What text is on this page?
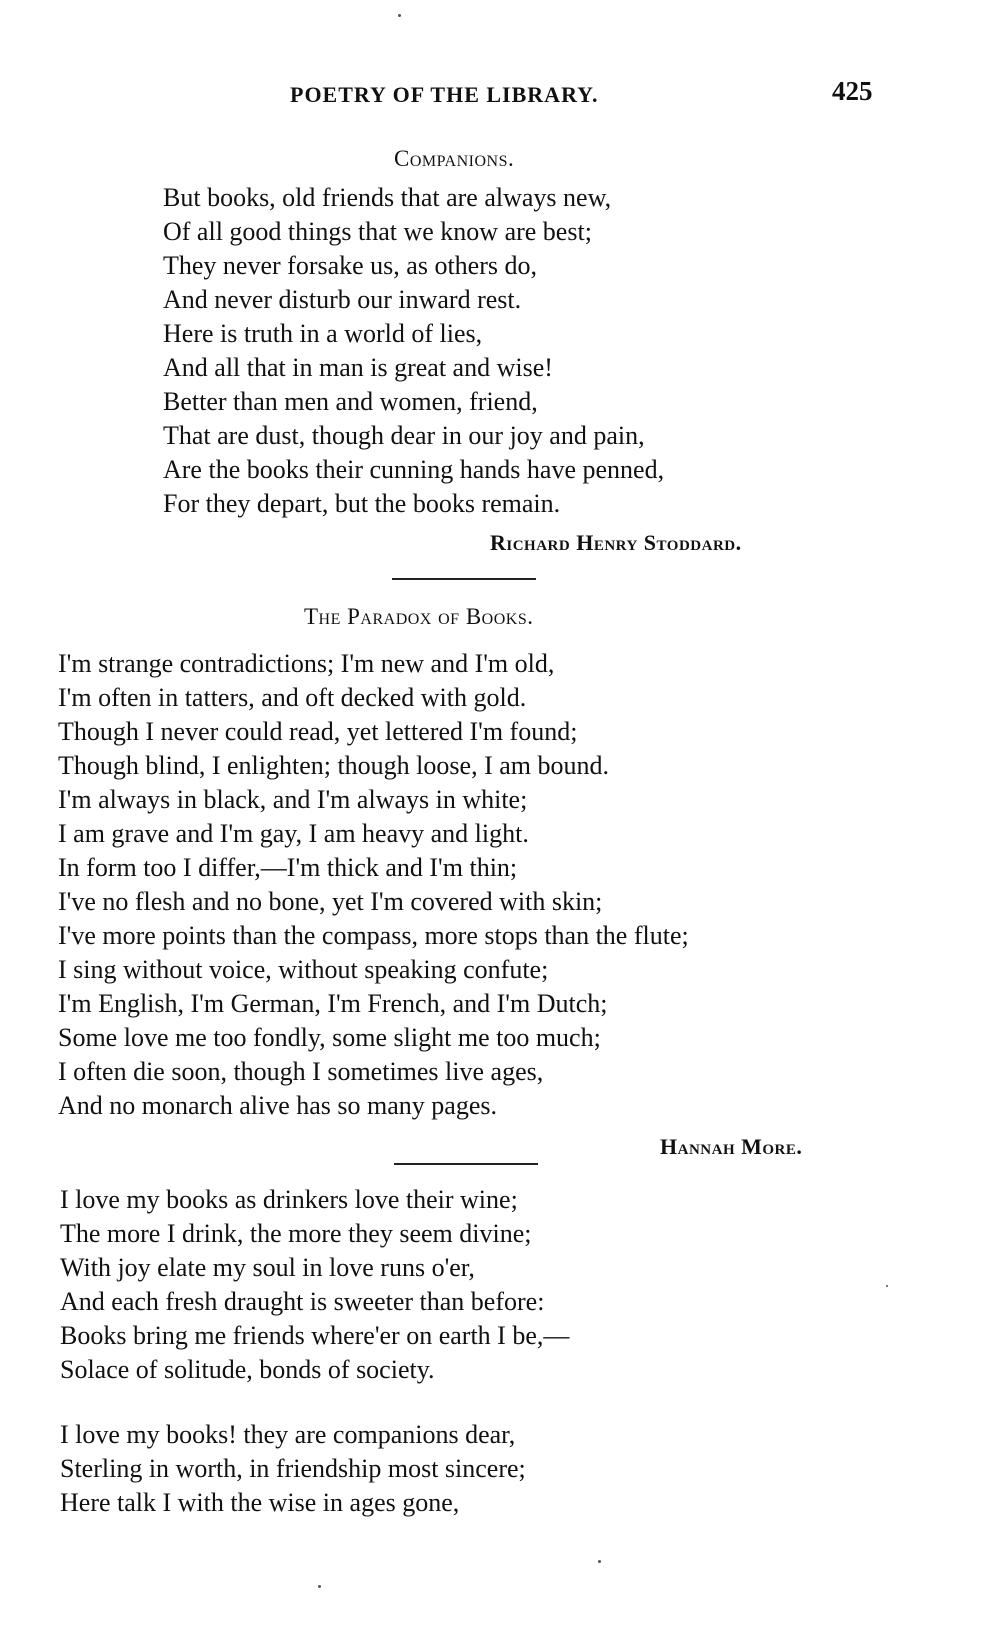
POETRY OF THE LIBRARY.	425
Companions.
But books, old friends that are always new,
Of all good things that we know are best;
They never forsake us, as others do,
And never disturb our inward rest.
Here is truth in a world of lies,
And all that in man is great and wise!
Better than men and women, friend,
That are dust, though dear in our joy and pain,
Are the books their cunning hands have penned,
For they depart, but the books remain.
Richard Henry Stoddard.
The Paradox of Books.
I'm strange contradictions; I'm new and I'm old,
I'm often in tatters, and oft decked with gold.
Though I never could read, yet lettered I'm found;
Though blind, I enlighten; though loose, I am bound.
I'm always in black, and I'm always in white;
I am grave and I'm gay, I am heavy and light.
In form too I differ,—I'm thick and I'm thin;
I've no flesh and no bone, yet I'm covered with skin;
I've more points than the compass, more stops than the flute;
I sing without voice, without speaking confute;
I'm English, I'm German, I'm French, and I'm Dutch;
Some love me too fondly, some slight me too much;
I often die soon, though I sometimes live ages,
And no monarch alive has so many pages.
Hannah More.
I love my books as drinkers love their wine;
The more I drink, the more they seem divine;
With joy elate my soul in love runs o'er,
And each fresh draught is sweeter than before:
Books bring me friends where'er on earth I be,—
Solace of solitude, bonds of society.
I love my books! they are companions dear,
Sterling in worth, in friendship most sincere;
Here talk I with the wise in ages gone,
